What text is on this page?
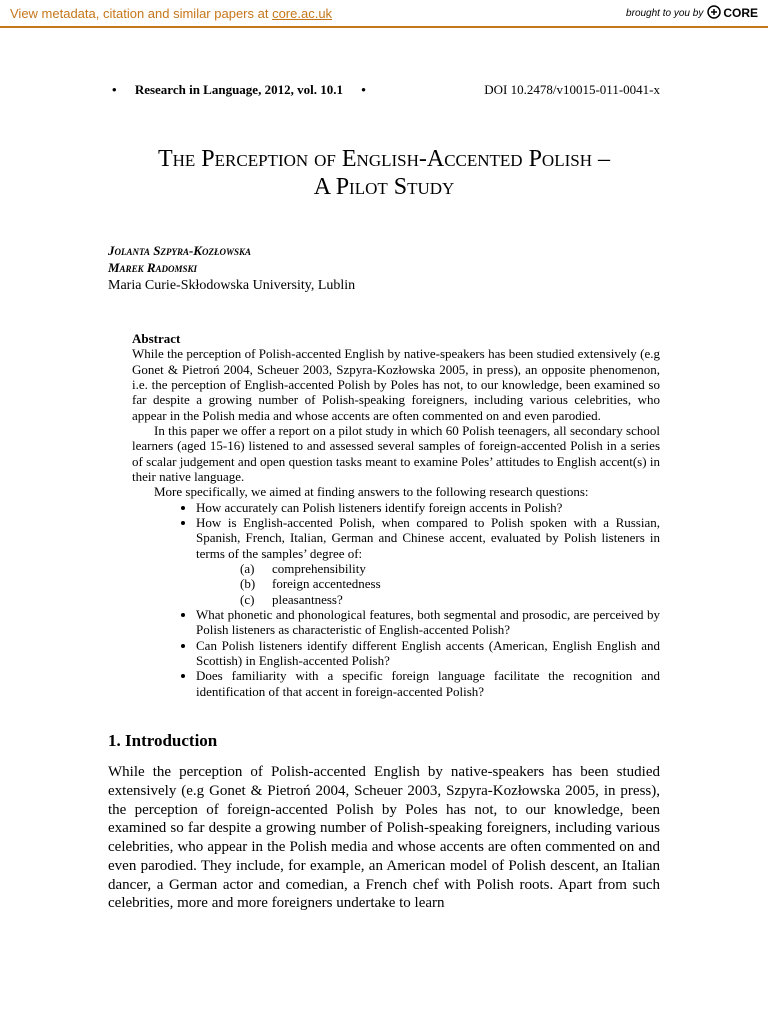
View metadata, citation and similar papers at core.ac.uk	brought to you by CORE
• Research in Language, 2012, vol. 10.1 •	DOI 10.2478/v10015-011-0041-x
The Perception of English-Accented Polish –
A Pilot Study
Jolanta Szpyra-Kozłowska
Marek Radomski
Maria Curie-Skłodowska University, Lublin
Abstract

While the perception of Polish-accented English by native-speakers has been studied extensively (e.g Gonet & Pietroń 2004, Scheuer 2003, Szpyra-Kozłowska 2005, in press), an opposite phenomenon, i.e. the perception of English-accented Polish by Poles has not, to our knowledge, been examined so far despite a growing number of Polish-speaking foreigners, including various celebrities, who appear in the Polish media and whose accents are often commented on and even parodied.

In this paper we offer a report on a pilot study in which 60 Polish teenagers, all secondary school learners (aged 15-16) listened to and assessed several samples of foreign-accented Polish in a series of scalar judgement and open question tasks meant to examine Poles’ attitudes to English accent(s) in their native language.

More specifically, we aimed at finding answers to the following research questions:

• How accurately can Polish listeners identify foreign accents in Polish?
• How is English-accented Polish, when compared to Polish spoken with a Russian, Spanish, French, Italian, German and Chinese accent, evaluated by Polish listeners in terms of the samples’ degree of:
(a)	comprehensibility
(b)	foreign accentedness
(c)	pleasantness?
• What phonetic and phonological features, both segmental and prosodic, are perceived by Polish listeners as characteristic of English-accented Polish?
• Can Polish listeners identify different English accents (American, English English and Scottish) in English-accented Polish?
• Does familiarity with a specific foreign language facilitate the recognition and identification of that accent in foreign-accented Polish?
1. Introduction

While the perception of Polish-accented English by native-speakers has been studied extensively (e.g Gonet & Pietroń 2004, Scheuer 2003, Szpyra-Kozłowska 2005, in press), the perception of foreign-accented Polish by Poles has not, to our knowledge, been examined so far despite a growing number of Polish-speaking foreigners, including various celebrities, who appear in the Polish media and whose accents are often commented on and even parodied. They include, for example, an American model of Polish descent, an Italian dancer, a German actor and comedian, a French chef with Polish roots. Apart from such celebrities, more and more foreigners undertake to learn
